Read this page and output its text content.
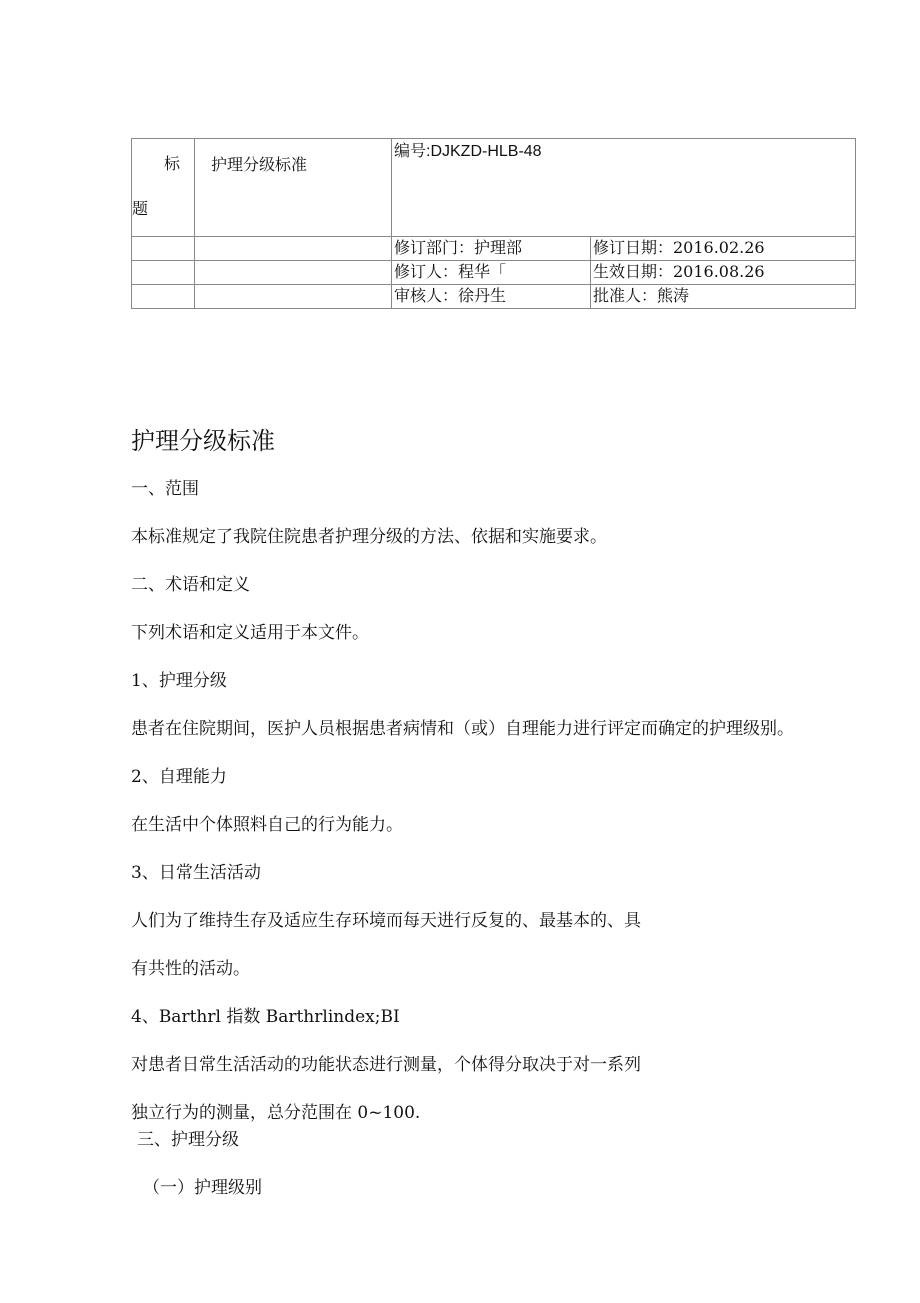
标
题	护理分级标准	编号:DJKZD-HLB-48	
		修订部门：护理部	修订日期：2016.02.26
		修订人：程华「	生效日期：2016.08.26
		审核人：徐丹生	批准人：熊涛
护理分级标准
一、范围
本标准规定了我院住院患者护理分级的方法、依据和实施要求。
二、术语和定义
下列术语和定义适用于本文件。
1、护理分级
患者在住院期间，医护人员根据患者病情和（或）自理能力进行评定而确定的护理级别。
2、自理能力
在生活中个体照料自己的行为能力。
3、日常生活活动
人们为了维持生存及适应生存环境而每天进行反复的、最基本的、具
有共性的活动。
4、Barthrl 指数 Barthrlindex;BI
对患者日常生活活动的功能状态进行测量，个体得分取决于对一系列
独立行为的测量，总分范围在 0~100.
三、护理分级
（一）护理级别
